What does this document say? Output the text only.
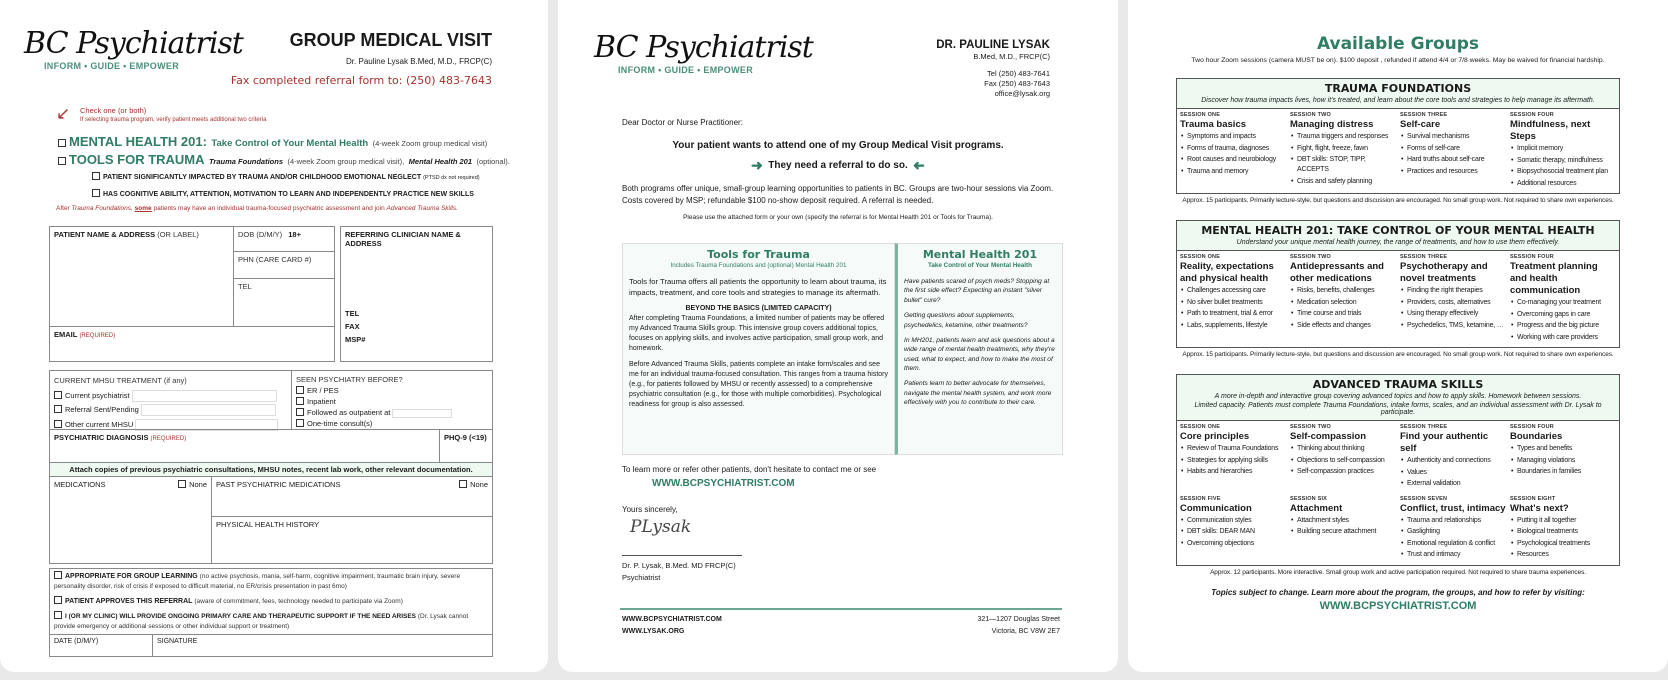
BC Psychiatrist
INFORM • GUIDE • EMPOWER
GROUP MEDICAL VISIT
Dr. Pauline Lysak B.Med, M.D., FRCP(C)
Fax completed referral form to: (250) 483-7643
↙ Check one (or both)
If selecting trauma program, verify patient meets additional two criteria
MENTAL HEALTH 201: Take Control of Your Mental Health (4-week Zoom group medical visit)
TOOLS FOR TRAUMA Trauma Foundations (4-week Zoom group medical visit), Mental Health 201 (optional).
PATIENT SIGNIFICANTLY IMPACTED BY TRAUMA AND/OR CHILDHOOD EMOTIONAL NEGLECT (PTSD dx not required)
HAS COGNITIVE ABILITY, ATTENTION, MOTIVATION TO LEARN AND INDEPENDENTLY PRACTICE NEW SKILLS
After Trauma Foundations, some patients may have an individual trauma-focused psychiatric assessment and join Advanced Trauma Skills.
PATIENT NAME & ADDRESS (OR LABEL)	DOB (D/M/Y) 18+
PHN (CARE CARD #)
TEL
EMAIL (REQUIRED)
REFERRING CLINICIAN NAME & ADDRESS
TEL
FAX
MSP#
CURRENT MHSU TREATMENT (if any)
Current psychiatrist
Referral Sent/Pending
Other current MHSU
SEEN PSYCHIATRY BEFORE?
ER / PES
Inpatient
Followed as outpatient at
One-time consult(s)
PSYCHIATRIC DIAGNOSIS (REQUIRED)	PHQ-9 (<19)
Attach copies of previous psychiatric consultations, MHSU notes, recent lab work, other relevant documentation.
MEDICATIONS	None	PAST PSYCHIATRIC MEDICATIONS	None
PHYSICAL HEALTH HISTORY
APPROPRIATE FOR GROUP LEARNING (no active psychosis, mania, self-harm, cognitive impairment, traumatic brain injury, severe personality disorder, risk of crisis if exposed to difficult material, no ER/crisis presentation in past 6mo)
PATIENT APPROVES THIS REFERRAL (aware of commitment, fees, technology needed to participate via Zoom)
I (OR MY CLINIC) WILL PROVIDE ONGOING PRIMARY CARE AND THERAPEUTIC SUPPORT IF THE NEED ARISES (Dr. Lysak cannot provide emergency or additional sessions or other individual support or treatment)
DATE (D/M/Y)	SIGNATURE
BC Psychiatrist
INFORM • GUIDE • EMPOWER
DR. PAULINE LYSAK
B.Med, M.D., FRCP(C)
Tel (250) 483-7641
Fax (250) 483-7643
office@lysak.org
Dear Doctor or Nurse Practitioner:
Your patient wants to attend one of my Group Medical Visit programs.
➜ They need a referral to do so. ➜
Both programs offer unique, small-group learning opportunities to patients in BC. Groups are two-hour sessions via Zoom. Costs covered by MSP; refundable $100 no-show deposit required. A referral is needed.
Please use the attached form or your own (specify the referral is for Mental Health 201 or Tools for Trauma).
Tools for Trauma
Includes Trauma Foundations and (optional) Mental Health 201
Tools for Trauma offers all patients the opportunity to learn about trauma, its impacts, treatment, and core tools and strategies to manage its aftermath.
BEYOND THE BASICS (LIMITED CAPACITY)
After completing Trauma Foundations, a limited number of patients may be offered my Advanced Trauma Skills group. This intensive group covers additional topics, focuses on applying skills, and involves active participation, small group work, and homework.
Before Advanced Trauma Skills, patients complete an intake form/scales and see me for an individual trauma-focused consultation. This ranges from a trauma history (e.g., for patients followed by MHSU or recently assessed) to a comprehensive psychiatric consultation (e.g., for those with multiple comorbidities). Psychological readiness for group is also assessed.
Mental Health 201
Take Control of Your Mental Health
Have patients scared of psych meds? Stopping at the first side effect? Expecting an instant "silver bullet" cure?
Getting questions about supplements, psychedelics, ketamine, other treatments?
In MH201, patients learn and ask questions about a wide range of mental health treatments, why they're used, what to expect, and how to make the most of them.
Patients learn to better advocate for themselves, navigate the mental health system, and work more effectively with you to contribute to their care.
To learn more or refer other patients, don't hesitate to contact me or see
WWW.BCPSYCHIATRIST.COM
Yours sincerely,
PLysak
Dr. P. Lysak, B.Med. MD FRCP(C)
Psychiatrist
WWW.BCPSYCHIATRIST.COM
WWW.LYSAK.ORG
321—1207 Douglas Street
Victoria, BC V8W 2E7
Available Groups
Two hour Zoom sessions (camera MUST be on). $100 deposit , refunded if attend 4/4 or 7/8 weeks. May be waived for financial hardship.
TRAUMA FOUNDATIONS
Discover how trauma impacts lives, how it's treated, and learn about the core tools and strategies to help manage its aftermath.
SESSION ONE
Trauma basics
• Symptoms and impacts
• Forms of trauma, diagnoses
• Root causes and neurobiology
• Trauma and memory
SESSION TWO
Managing distress
• Trauma triggers and responses
• Fight, flight, freeze, fawn
• DBT skills: STOP, TIPP, ACCEPTS
• Crisis and safety planning
SESSION THREE
Self-care
• Survival mechanisms
• Forms of self-care
• Hard truths about self-care
• Practices and resources
SESSION FOUR
Mindfulness, next Steps
• Implicit memory
• Somatic therapy, mindfulness
• Biopsychosocial treatment plan
• Additional resources
Approx. 15 participants. Primarily lecture-style, but questions and discussion are encouraged. No small group work. Not required to share own experiences.
MENTAL HEALTH 201: TAKE CONTROL OF YOUR MENTAL HEALTH
Understand your unique mental health journey, the range of treatments, and how to use them effectively.
SESSION ONE
Reality, expectations and physical health
• Challenges accessing care
• No silver bullet treatments
• Path to treatment, trial & error
• Labs, supplements, lifestyle
SESSION TWO
Antidepressants and other medications
• Risks, benefits, challenges
• Medication selection
• Time course and trials
• Side effects and changes
SESSION THREE
Psychotherapy and novel treatments
• Finding the right therapies
• Providers, costs, alternatives
• Using therapy effectively
• Psychedelics, TMS, ketamine, …
SESSION FOUR
Treatment planning and health communication
• Co-managing your treatment
• Overcoming gaps in care
• Progress and the big picture
• Working with care providers
Approx. 15 participants. Primarily lecture-style, but questions and discussion are encouraged. No small group work. Not required to share own experiences.
ADVANCED TRAUMA SKILLS
A more in-depth and interactive group covering advanced topics and how to apply skills. Homework between sessions.
Limited capacity. Patients must complete Trauma Foundations, intake forms, scales, and an individual assessment with Dr. Lysak to participate.
SESSION ONE
Core principles
• Review of Trauma Foundations
• Strategies for applying skills
• Habits and hierarchies
SESSION TWO
Self-compassion
• Thinking about thinking
• Objections to self-compassion
• Self-compassion practices
SESSION THREE
Find your authentic self
• Authenticity and connections
• Values
• External validation
SESSION FOUR
Boundaries
• Types and benefits
• Managing violations
• Boundaries in families
SESSION FIVE
Communication
• Communication styles
• DBT skills: DEAR MAN
• Overcoming objections
SESSION SIX
Attachment
• Attachment styles
• Building secure attachment
SESSION SEVEN
Conflict, trust, intimacy
• Trauma and relationships
• Gaslighting
• Emotional regulation & conflict
• Trust and intimacy
SESSION EIGHT
What's next?
• Putting it all together
• Biological treatments
• Psychological treatments
• Resources
Approx. 12 participants. More interactive. Small group work and active participation required. Not required to share trauma experiences.
Topics subject to change. Learn more about the program, the groups, and how to refer by visiting:
WWW.BCPSYCHIATRIST.COM
